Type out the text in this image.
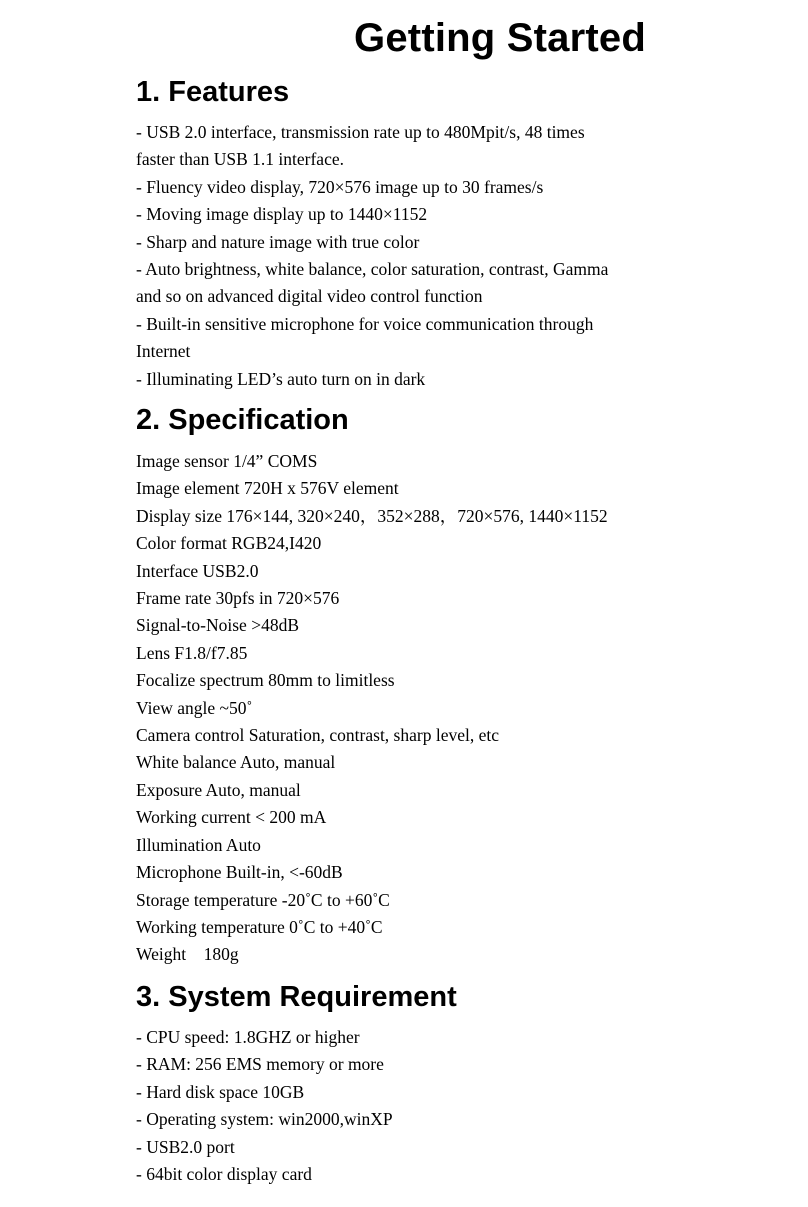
Getting Started
1. Features
- USB 2.0 interface, transmission rate up to 480Mpit/s, 48 times
faster than USB 1.1 interface.
- Fluency video display, 720×576 image up to 30 frames/s
- Moving image display up to 1440×1152
- Sharp and nature image with true color
- Auto brightness, white balance, color saturation, contrast, Gamma
and so on advanced digital video control function
- Built-in sensitive microphone for voice communication through
Internet
- Illuminating LED’s auto turn on in dark
2. Specification
Image sensor 1/4” COMS
Image element 720H x 576V element
Display size 176×144, 320×240，352×288，720×576, 1440×1152
Color format RGB24,I420
Interface USB2.0
Frame rate 30pfs in 720×576
Signal-to-Noise >48dB
Lens F1.8/f7.85
Focalize spectrum 80mm to limitless
View angle ~50˚
Camera control Saturation, contrast, sharp level, etc
White balance Auto, manual
Exposure Auto, manual
Working current < 200 mA
Illumination Auto
Microphone Built-in, <-60dB
Storage temperature -20˚C to +60˚C
Working temperature 0˚C to +40˚C
Weight    180g
3. System Requirement
- CPU speed: 1.8GHZ or higher
- RAM: 256 EMS memory or more
- Hard disk space 10GB
- Operating system: win2000,winXP
- USB2.0 port
- 64bit color display card
